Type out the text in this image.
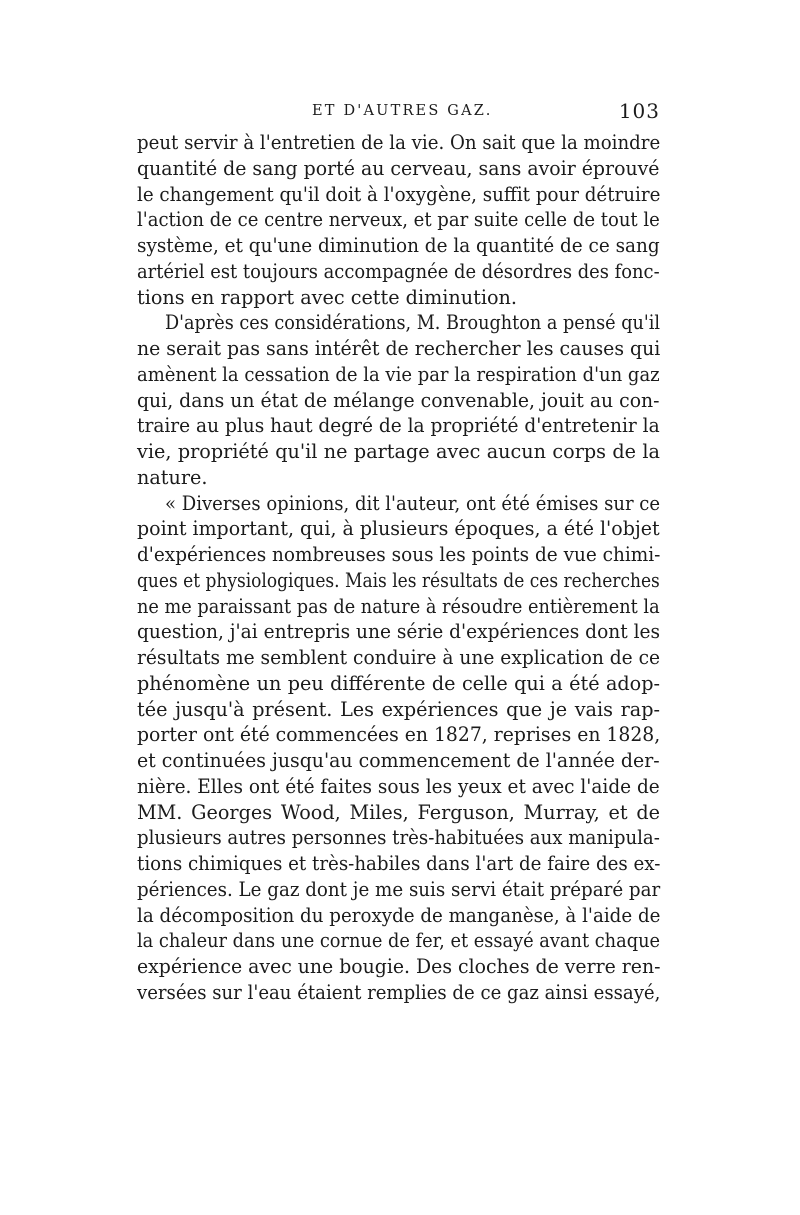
ET D'AUTRES GAZ.	103
peut servir à l'entretien de la vie. On sait que la moindre
quantité de sang porté au cerveau, sans avoir éprouvé
le changement qu'il doit à l'oxygène, suffit pour détruire
l'action de ce centre nerveux, et par suite celle de tout le
système, et qu'une diminution de la quantité de ce sang
artériel est toujours accompagnée de désordres des fonc-
tions en rapport avec cette diminution.
D'après ces considérations, M. Broughton a pensé qu'il
ne serait pas sans intérêt de rechercher les causes qui
amènent la cessation de la vie par la respiration d'un gaz
qui, dans un état de mélange convenable, jouit au con-
traire au plus haut degré de la propriété d'entretenir la
vie, propriété qu'il ne partage avec aucun corps de la
nature.
« Diverses opinions, dit l'auteur, ont été émises sur ce
point important, qui, à plusieurs époques, a été l'objet
d'expériences nombreuses sous les points de vue chimi-
ques et physiologiques. Mais les résultats de ces recherches
ne me paraissant pas de nature à résoudre entièrement la
question, j'ai entrepris une série d'expériences dont les
résultats me semblent conduire à une explication de ce
phénomène un peu différente de celle qui a été adop-
tée jusqu'à présent. Les expériences que je vais rap-
porter ont été commencées en 1827, reprises en 1828,
et continuées jusqu'au commencement de l'année der-
nière. Elles ont été faites sous les yeux et avec l'aide de
MM. Georges Wood, Miles, Ferguson, Murray, et de
plusieurs autres personnes très-habituées aux manipula-
tions chimiques et très-habiles dans l'art de faire des ex-
périences. Le gaz dont je me suis servi était préparé par
la décomposition du peroxyde de manganèse, à l'aide de
la chaleur dans une cornue de fer, et essayé avant chaque
expérience avec une bougie. Des cloches de verre ren-
versées sur l'eau étaient remplies de ce gaz ainsi essayé,
